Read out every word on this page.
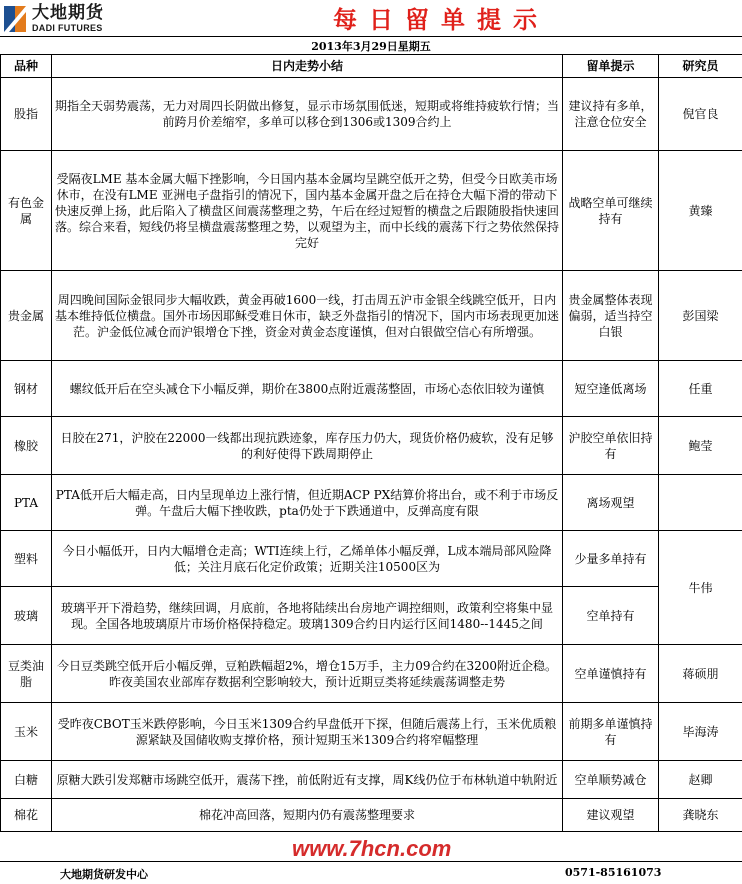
大地期货
DADI FUTURES	每日留单提示
2013年3月29日星期五
品种	日内走势小结	留单提示	研究员
股指	期指全天弱势震荡，无力对周四长阴做出修复，显示市场氛围低迷，短期或将维持疲软行情；当前跨月价差缩窄，多单可以移仓到1306或1309合约上	建议持有多单，注意仓位安全	倪官良
有色金属	受隔夜LME 基本金属大幅下挫影响，今日国内基本金属均呈跳空低开之势，但受今日欧美市场休市，在没有LME 亚洲电子盘指引的情况下，国内基本金属开盘之后在持仓大幅下滑的带动下快速反弹上扬，此后陷入了横盘区间震荡整理之势，午后在经过短暂的横盘之后跟随股指快速回落。综合来看，短线仍将呈横盘震荡整理之势，以观望为主，而中长线的震荡下行之势依然保持完好	战略空单可继续持有	黄臻
贵金属	周四晚间国际金银同步大幅收跌，黄金再破1600一线，打击周五沪市金银全线跳空低开，日内基本维持低位横盘。国外市场因耶稣受难日休市，缺乏外盘指引的情况下，国内市场表现更加迷茫。沪金低位减仓而沪银增仓下挫，资金对黄金态度谨慎，但对白银做空信心有所增强。	贵金属整体表现偏弱，适当持空白银	彭国梁
钢材	螺纹低开后在空头减仓下小幅反弹，期价在3800点附近震荡整固，市场心态依旧较为谨慎	短空逢低离场	任重
橡胶	日胶在271，沪胶在22000一线都出现抗跌迹象，库存压力仍大，现货价格仍疲软，没有足够的利好使得下跌周期停止	沪胶空单依旧持有	鲍莹
PTA	PTA低开后大幅走高，日内呈现单边上涨行情，但近期ACP PX结算价将出台，或不利于市场反弹。午盘后大幅下挫收跌，pta仍处于下跌通道中，反弹高度有限	离场观望	
塑料	今日小幅低开，日内大幅增仓走高；WTI连续上行，乙烯单体小幅反弹，L成本端局部风险降低；关注月底石化定价政策；近期关注10500区为	少量多单持有	牛伟
玻璃	玻璃平开下滑趋势，继续回调，月底前，各地将陆续出台房地产调控细则，政策利空将集中显现。全国各地玻璃原片市场价格保持稳定。玻璃1309合约日内运行区间1480--1445之间	空单持有	
豆类油脂	今日豆类跳空低开后小幅反弹，豆粕跌幅超2%，增仓15万手，主力09合约在3200附近企稳。昨夜美国农业部库存数据利空影响较大，预计近期豆类将延续震荡调整走势	空单谨慎持有	蒋硕朋
玉米	受昨夜CBOT玉米跌停影响，今日玉米1309合约早盘低开下探，但随后震荡上行，玉米优质粮源紧缺及国储收购支撑价格，预计短期玉米1309合约将窄幅整理	前期多单谨慎持有	毕海涛
白糖	原糖大跌引发郑糖市场跳空低开，震荡下挫，前低附近有支撑，周K线仍位于布林轨道中轨附近	空单顺势减仓	赵卿
棉花	棉花冲高回落，短期内仍有震荡整理要求	建议观望	龚晓东
大地期货研发中心	0571-85161073
www.7hcn.com
